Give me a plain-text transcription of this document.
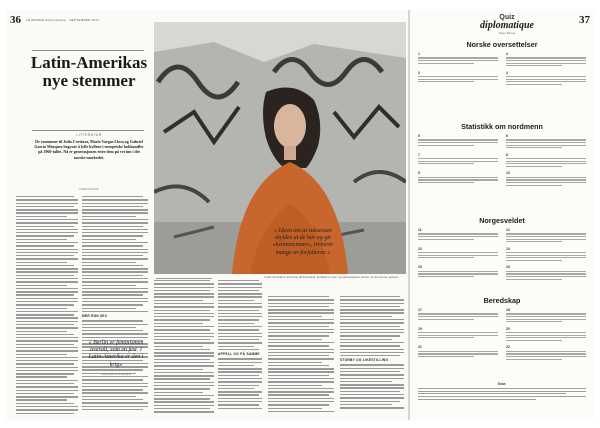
36 LE MONDE diplomatique · SEPTEMBER 2017
Latin-Amerikas nye stemmer
LITTERATUR
De romanene til Julio Cortázar, Mario Vargas Llosa og Gabriel García Márquez begynte å fylle hyllene i europeiske bokhandler på 1960-tallet. Nå er generasjonen etter dem på vei inn i det norske markedet.
KARIN FALKE
I Latin-Amerika er kvinnene på frammarsj. Forfatterne i den nye generasjonen skriver om det de har opplevd.
MER ENN SEX
APPELL OG PÅ SAMME
STORBY OG LIKESTILLING
« Ideen om at suksessen skyldes at de har og gir «kvinnetemaer», irriterer mange av forfatterne »
« Berlin er feminismen overalt, som en fest. I Latin-Amerika er den i krig»
GABRIELA WIENER
37
Quiz
diplomatique
Peter Banas
Norske oversettelser
1	2
3	4
Statistikk om nordmenn
5	6
7	8
9	10
Norgesveldet
11	12
13	14
15	16
Beredskap
17	18
19	20
21	22
Svar:
